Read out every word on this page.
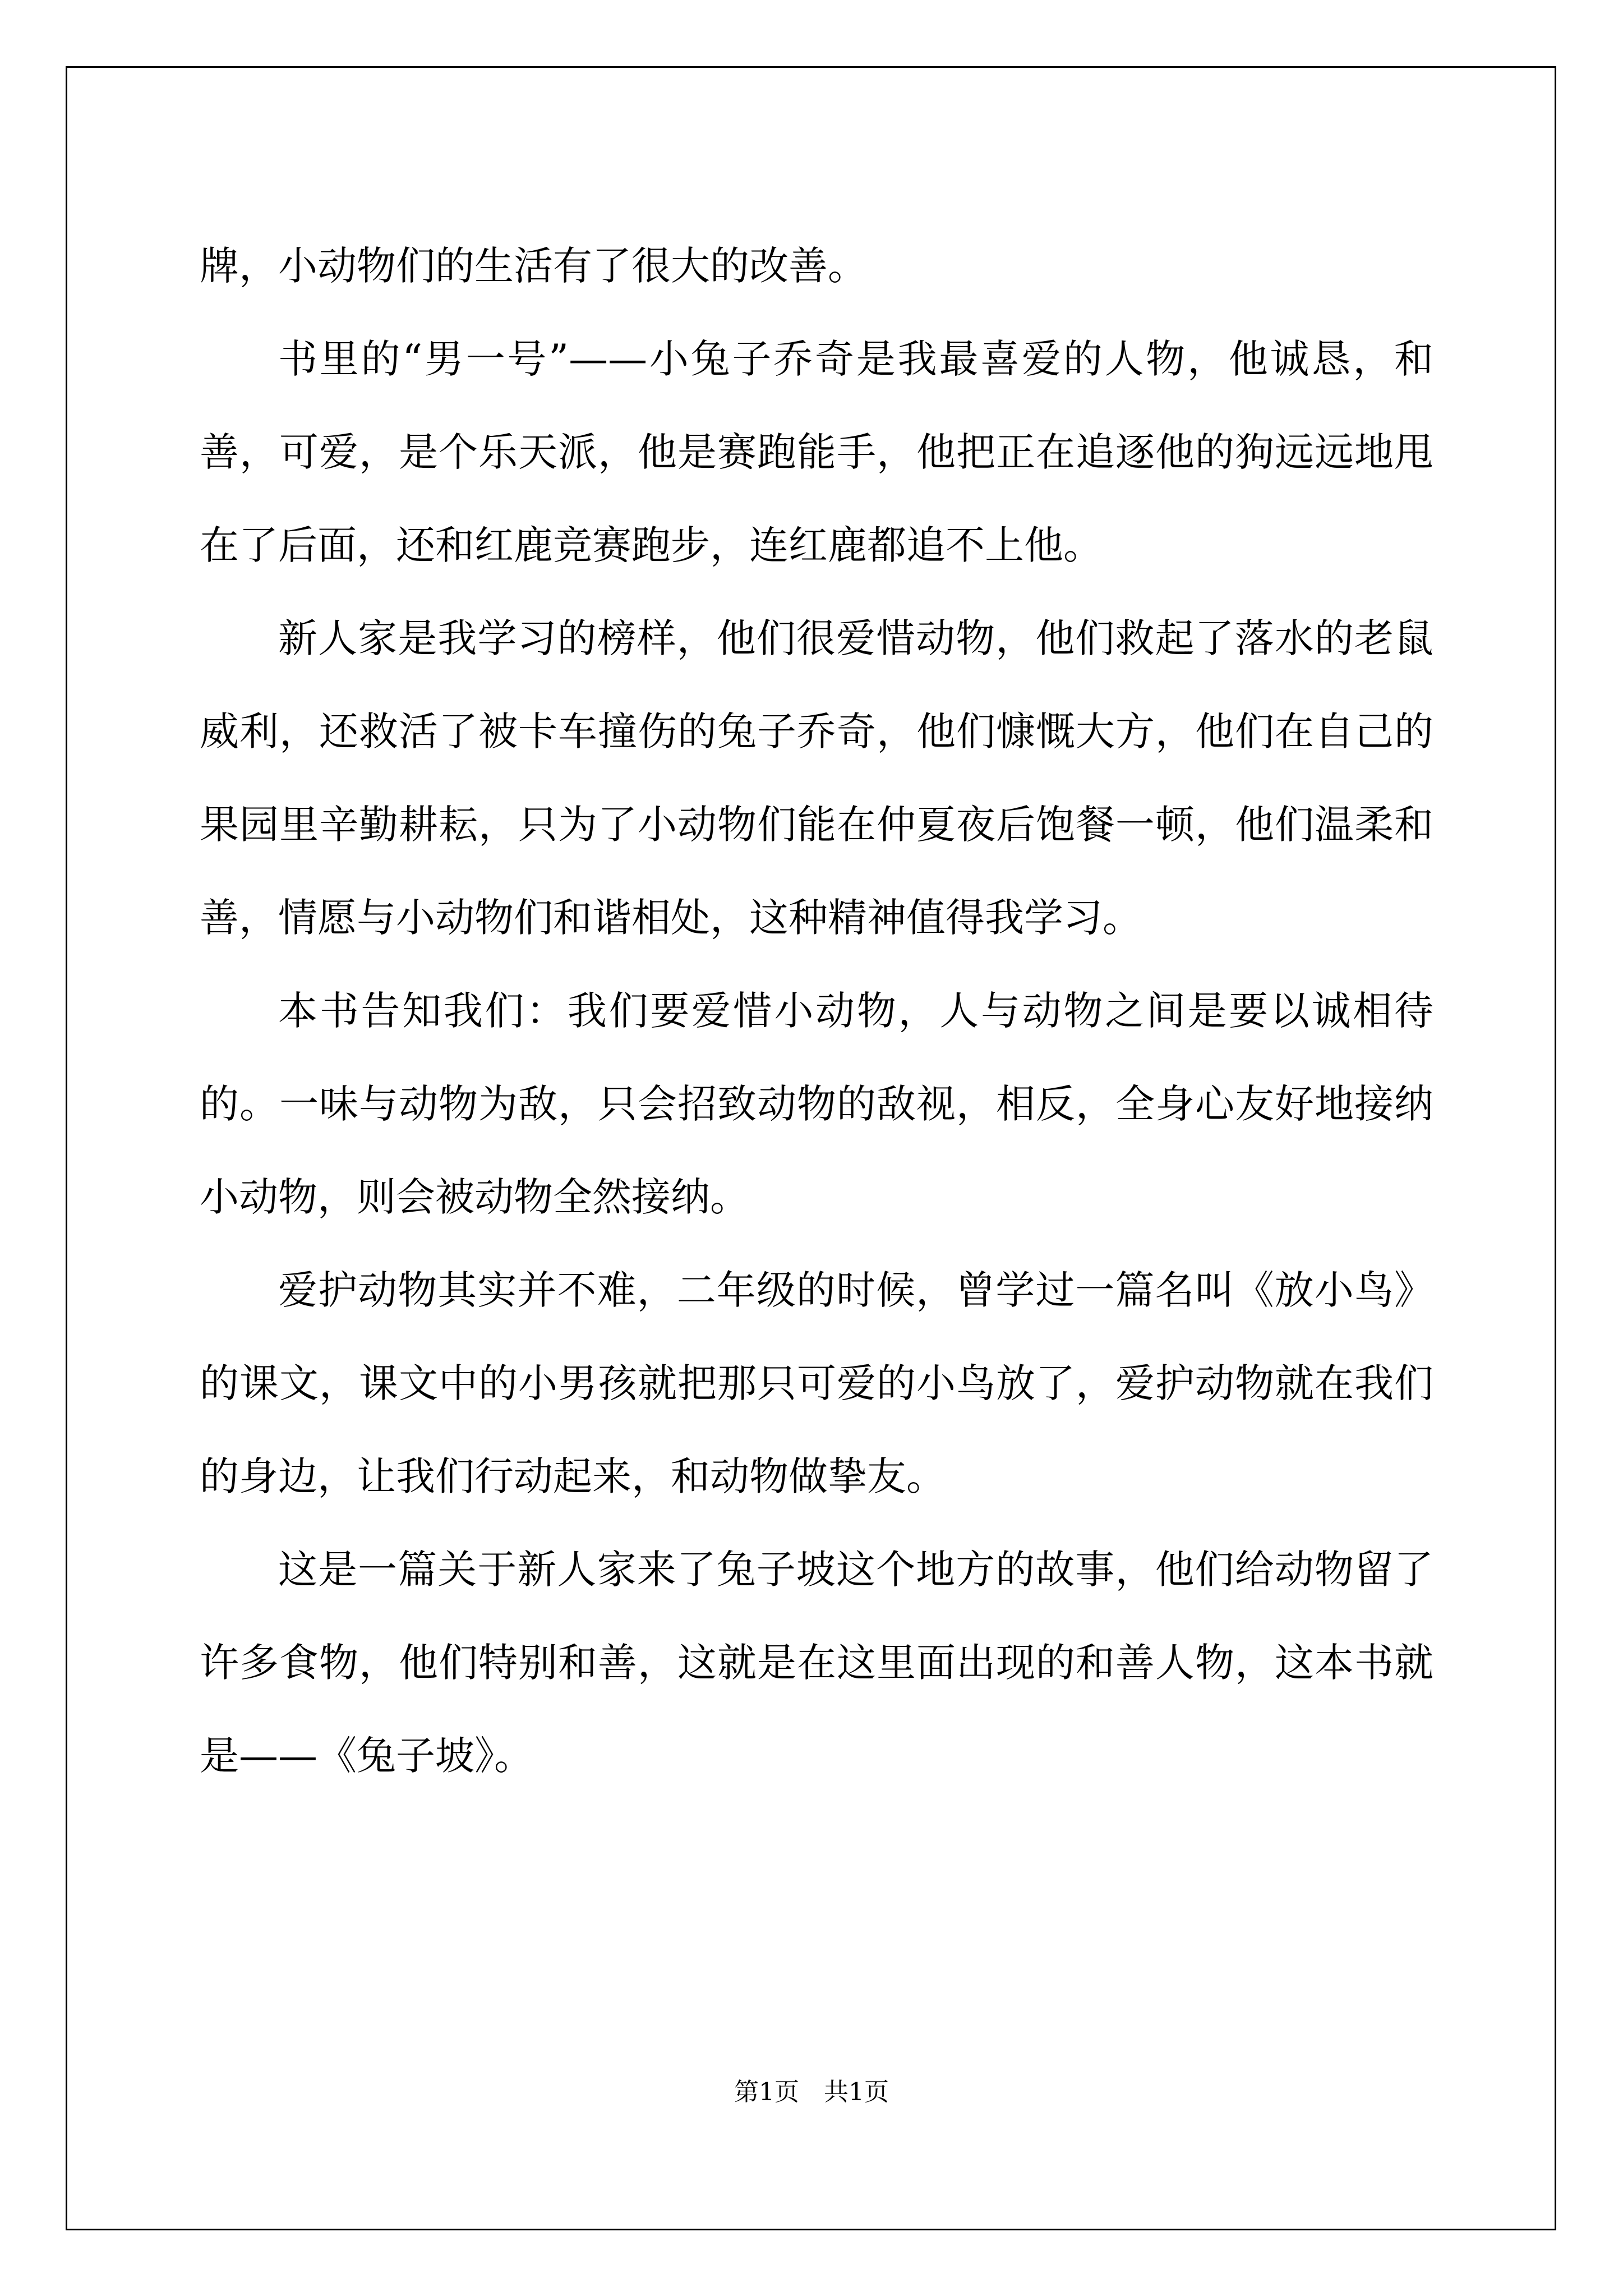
牌，小动物们的生活有了很大的改善。

书里的“男一号”——小兔子乔奇是我最喜爱的人物，他诚恳，和善，可爱，是个乐天派，他是赛跑能手，他把正在追逐他的狗远远地甩在了后面，还和红鹿竞赛跑步，连红鹿都追不上他。

新人家是我学习的榜样，他们很爱惜动物，他们救起了落水的老鼠威利，还救活了被卡车撞伤的兔子乔奇，他们慷慨大方，他们在自己的果园里辛勤耕耘，只为了小动物们能在仲夏夜后饱餐一顿，他们温柔和善，情愿与小动物们和谐相处，这种精神值得我学习。

本书告知我们：我们要爱惜小动物，人与动物之间是要以诚相待的。一味与动物为敌，只会招致动物的敌视，相反，全身心友好地接纳小动物，则会被动物全然接纳。

爱护动物其实并不难，二年级的时候，曾学过一篇名叫《放小鸟》的课文，课文中的小男孩就把那只可爱的小鸟放了，爱护动物就在我们的身边，让我们行动起来，和动物做挚友。

这是一篇关于新人家来了兔子坡这个地方的故事，他们给动物留了许多食物，他们特别和善，这就是在这里面出现的和善人物，这本书就是——《兔子坡》。

第1页　共1页
